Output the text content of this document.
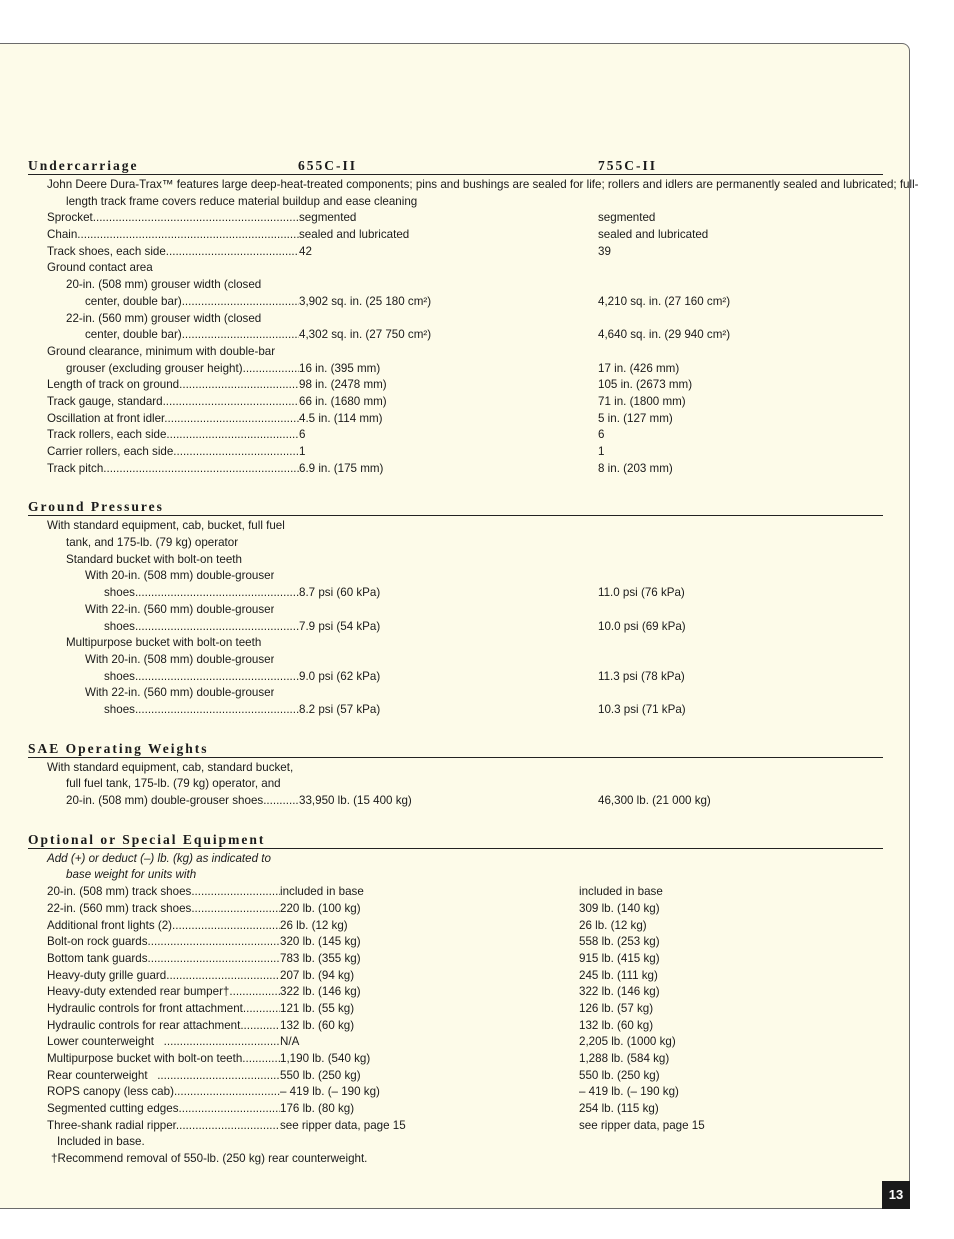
Undercarriage	655C-II	755C-II
John Deere Dura-Trax™ features large deep-heat-treated components; pins and bushings are sealed for life; rollers and idlers are permanently sealed and lubricated; full-
length track frame covers reduce material buildup and ease cleaning
Sprocket .....	segmented	segmented
Chain .....	sealed and lubricated	sealed and lubricated
Track shoes, each side .....	42	39
Ground contact area
20-in. (508 mm) grouser width (closed
center, double bar) .....	3,902 sq. in. (25 180 cm²)	4,210 sq. in. (27 160 cm²)
22-in. (560 mm) grouser width (closed
center, double bar) .....	4,302 sq. in. (27 750 cm²)	4,640 sq. in. (29 940 cm²)
Ground clearance, minimum with double-bar
grouser (excluding grouser height) .....	16 in. (395 mm)	17 in. (426 mm)
Length of track on ground .....	98 in. (2478 mm)	105 in. (2673 mm)
Track gauge, standard .....	66 in. (1680 mm)	71 in. (1800 mm)
Oscillation at front idler .....	4.5 in. (114 mm)	5 in. (127 mm)
Track rollers, each side .....	6	6
Carrier rollers, each side .....	1	1
Track pitch .....	6.9 in. (175 mm)	8 in. (203 mm)
Ground Pressures
With standard equipment, cab, bucket, full fuel
tank, and 175-lb. (79 kg) operator
Standard bucket with bolt-on teeth
With 20-in. (508 mm) double-grouser
shoes .....	8.7 psi (60 kPa)	11.0 psi (76 kPa)
With 22-in. (560 mm) double-grouser
shoes .....	7.9 psi (54 kPa)	10.0 psi (69 kPa)
Multipurpose bucket with bolt-on teeth
With 20-in. (508 mm) double-grouser
shoes .....	9.0 psi (62 kPa)	11.3 psi (78 kPa)
With 22-in. (560 mm) double-grouser
shoes .....	8.2 psi (57 kPa)	10.3 psi (71 kPa)
SAE Operating Weights
With standard equipment, cab, standard bucket,
full fuel tank, 175-lb. (79 kg) operator, and
20-in. (508 mm) double-grouser shoes .....	33,950 lb. (15 400 kg)	46,300 lb. (21 000 kg)
Optional or Special Equipment
Add (+) or deduct (–) lb. (kg) as indicated to
base weight for units with
20-in. (508 mm) track shoes .....	included in base	included in base
22-in. (560 mm) track shoes .....	220 lb. (100 kg)	309 lb. (140 kg)
Additional front lights (2) .....	26 lb. (12 kg)	26 lb. (12 kg)
Bolt-on rock guards .....	320 lb. (145 kg)	558 lb. (253 kg)
Bottom tank guards .....	783 lb. (355 kg)	915 lb. (415 kg)
Heavy-duty grille guard .....	207 lb. (94 kg)	245 lb. (111 kg)
Heavy-duty extended rear bumper† .....	322 lb. (146 kg)	322 lb. (146 kg)
Hydraulic controls for front attachment .....	121 lb. (55 kg)	126 lb. (57 kg)
Hydraulic controls for rear attachment .....	132 lb. (60 kg)	132 lb. (60 kg)
Lower counterweight .....	N/A	2,205 lb. (1000 kg)
Multipurpose bucket with bolt-on teeth .....	1,190 lb. (540 kg)	1,288 lb. (584 kg)
Rear counterweight .....	550 lb. (250 kg)	550 lb. (250 kg)
ROPS canopy (less cab) .....	– 419 lb. (– 190 kg)	– 419 lb. (– 190 kg)
Segmented cutting edges .....	176 lb. (80 kg)	254 lb. (115 kg)
Three-shank radial ripper .....	see ripper data, page 15	see ripper data, page 15
Included in base.
†Recommend removal of 550-lb. (250 kg) rear counterweight.
13
